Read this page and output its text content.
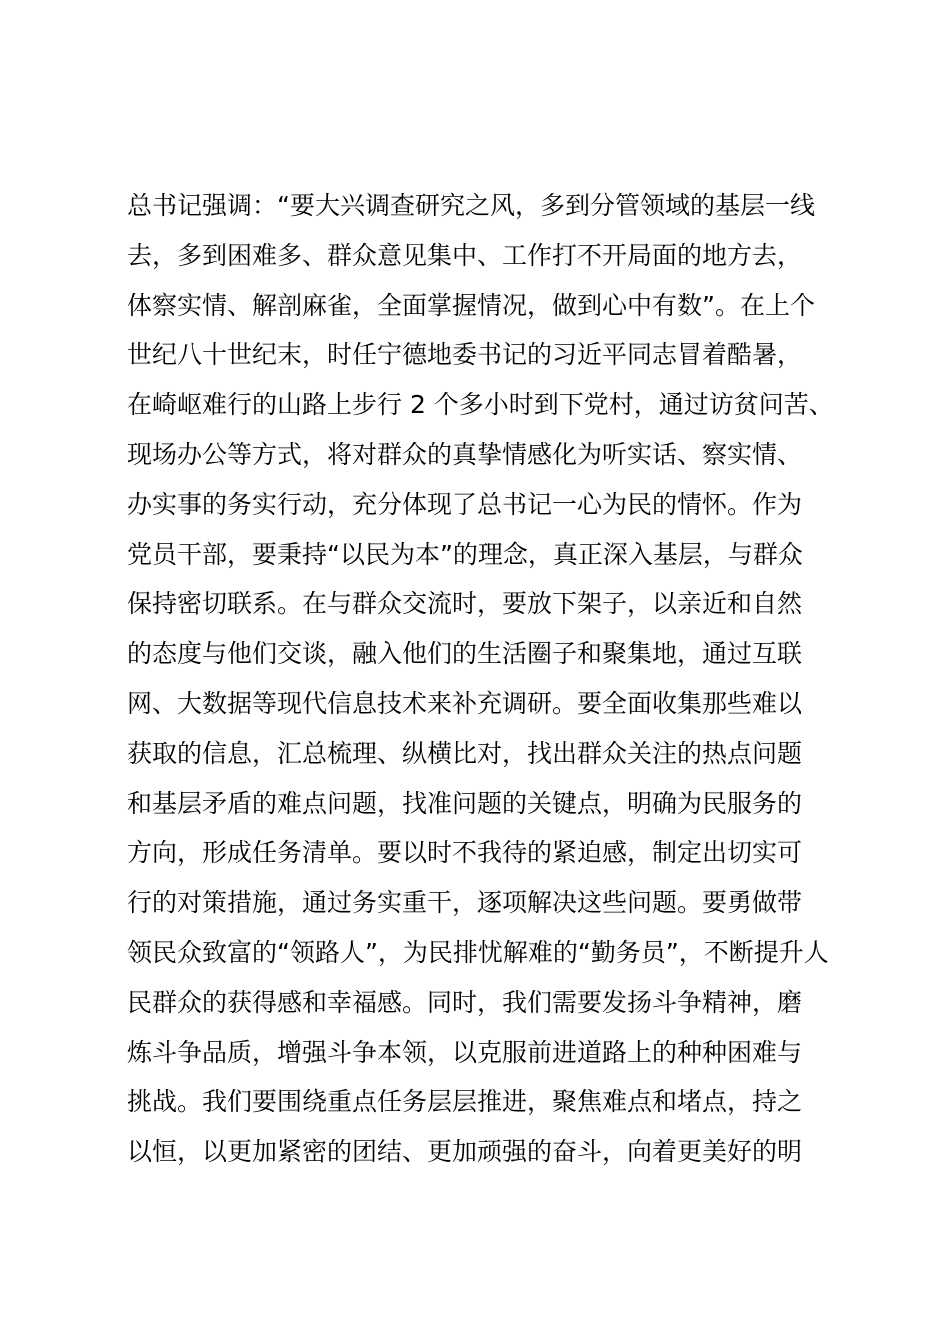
总书记强调：“要大兴调查研究之风，多到分管领域的基层一线
去，多到困难多、群众意见集中、工作打不开局面的地方去，
体察实情、解剖麻雀，全面掌握情况，做到心中有数”。在上个
世纪八十世纪末，时任宁德地委书记的习近平同志冒着酷暑，
在崎岖难行的山路上步行 2 个多小时到下党村，通过访贫问苦、
现场办公等方式，将对群众的真挚情感化为听实话、察实情、
办实事的务实行动，充分体现了总书记一心为民的情怀。作为
党员干部，要秉持“以民为本”的理念，真正深入基层，与群众
保持密切联系。在与群众交流时，要放下架子，以亲近和自然
的态度与他们交谈，融入他们的生活圈子和聚集地，通过互联
网、大数据等现代信息技术来补充调研。要全面收集那些难以
获取的信息，汇总梳理、纵横比对，找出群众关注的热点问题
和基层矛盾的难点问题，找准问题的关键点，明确为民服务的
方向，形成任务清单。要以时不我待的紧迫感，制定出切实可
行的对策措施，通过务实重干，逐项解决这些问题。要勇做带
领民众致富的“领路人”，为民排忧解难的“勤务员”，不断提升人
民群众的获得感和幸福感。同时，我们需要发扬斗争精神，磨
炼斗争品质，增强斗争本领，以克服前进道路上的种种困难与
挑战。我们要围绕重点任务层层推进，聚焦难点和堵点，持之
以恒，以更加紧密的团结、更加顽强的奋斗，向着更美好的明
